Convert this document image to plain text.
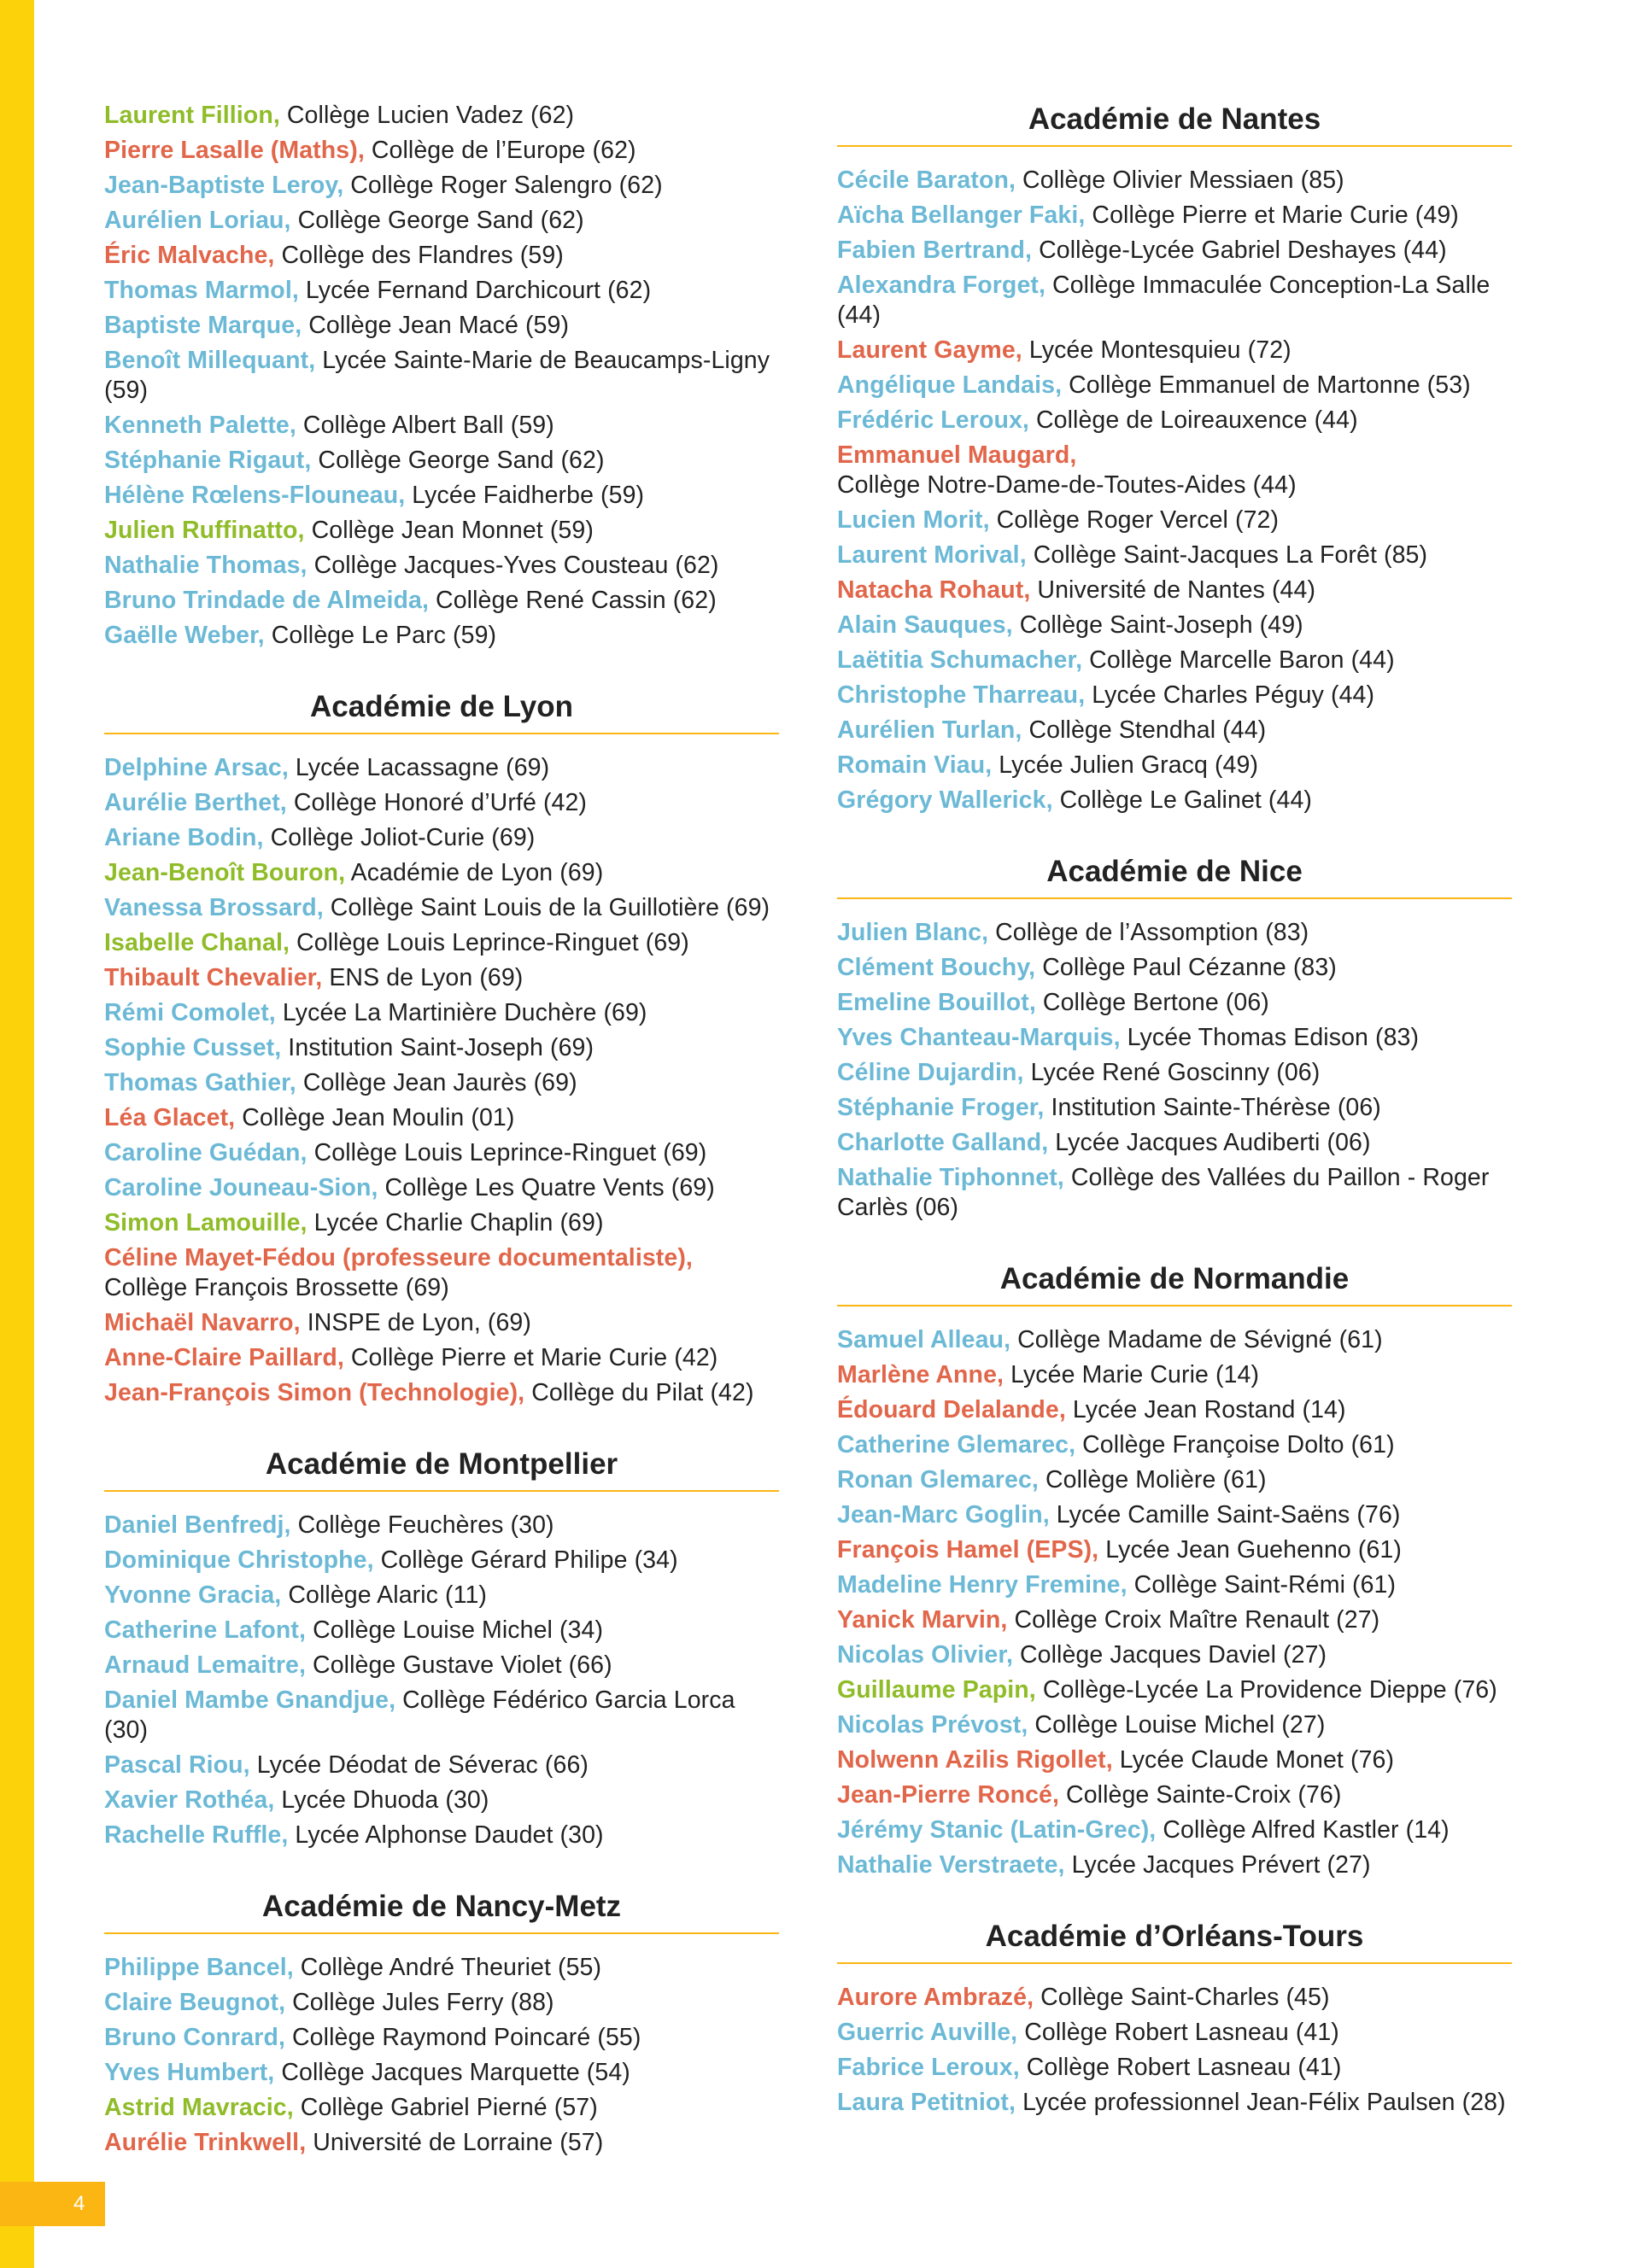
4

Laurent Fillion, Collège Lucien Vadez (62)

Pierre Lasalle (Maths), Collège de l’Europe (62)

Jean-Baptiste Leroy, Collège Roger Salengro (62)

Aurélien Loriau, Collège George Sand (62)

Éric Malvache, Collège des Flandres (59)

Thomas Marmol, Lycée Fernand Darchicourt (62)

Baptiste Marque, Collège Jean Macé (59)

Benoît Millequant, Lycée Sainte-Marie de Beaucamps-Ligny (59)

Kenneth Palette, Collège Albert Ball (59)

Stéphanie Rigaut, Collège George Sand (62)

Hélène Rœlens-Flouneau, Lycée Faidherbe (59)

Julien Ruffinatto, Collège Jean Monnet (59)

Nathalie Thomas, Collège Jacques-Yves Cousteau (62)

Bruno Trindade de Almeida, Collège René Cassin (62)

Gaëlle Weber, Collège Le Parc (59)

Académie de Lyon

Delphine Arsac, Lycée Lacassagne (69)

Aurélie Berthet, Collège Honoré d’Urfé (42)

Ariane Bodin, Collège Joliot-Curie (69)

Jean-Benoît Bouron, Académie de Lyon (69)

Vanessa Brossard, Collège Saint Louis de la Guillotière (69)

Isabelle Chanal, Collège Louis Leprince-Ringuet (69)

Thibault Chevalier, ENS de Lyon (69)

Rémi Comolet, Lycée La Martinière Duchère (69)

Sophie Cusset, Institution Saint-Joseph (69)

Thomas Gathier, Collège Jean Jaurès (69)

Léa Glacet, Collège Jean Moulin (01)

Caroline Guédan, Collège Louis Leprince-Ringuet (69)

Caroline Jouneau-Sion, Collège Les Quatre Vents (69)

Simon Lamouille, Lycée Charlie Chaplin (69)

Céline Mayet-Fédou (professeure documentaliste), Collège François Brossette (69)

Michaël Navarro, INSPE de Lyon, (69)

Anne-Claire Paillard, Collège Pierre et Marie Curie (42)

Jean-François Simon (Technologie), Collège du Pilat (42)

Académie de Montpellier

Daniel Benfredj, Collège Feuchères (30)

Dominique Christophe, Collège Gérard Philipe (34)

Yvonne Gracia, Collège Alaric (11)

Catherine Lafont, Collège Louise Michel (34)

Arnaud Lemaitre, Collège Gustave Violet (66)

Daniel Mambe Gnandjue, Collège Fédérico Garcia Lorca (30)

Pascal Riou, Lycée Déodat de Séverac (66)

Xavier Rothéa, Lycée Dhuoda (30)

Rachelle Ruffle, Lycée Alphonse Daudet (30)

Académie de Nancy-Metz

Philippe Bancel, Collège André Theuriet (55)

Claire Beugnot, Collège Jules Ferry (88)

Bruno Conrard, Collège Raymond Poincaré (55)

Yves Humbert, Collège Jacques Marquette (54)

Astrid Mavracic, Collège Gabriel Pierné (57)

Aurélie Trinkwell, Université de Lorraine (57)

Académie de Nantes

Cécile Baraton, Collège Olivier Messiaen (85)

Aïcha Bellanger Faki, Collège Pierre et Marie Curie (49)

Fabien Bertrand, Collège-Lycée Gabriel Deshayes (44)

Alexandra Forget, Collège Immaculée Conception-La Salle (44)

Laurent Gayme, Lycée Montesquieu (72)

Angélique Landais, Collège Emmanuel de Martonne (53)

Frédéric Leroux, Collège de Loireauxence (44)

Emmanuel Maugard,
Collège Notre-Dame-de-Toutes-Aides (44)

Lucien Morit, Collège Roger Vercel (72)

Laurent Morival, Collège Saint-Jacques La Forêt (85)

Natacha Rohaut, Université de Nantes (44)

Alain Sauques, Collège Saint-Joseph (49)

Laëtitia Schumacher, Collège Marcelle Baron (44)

Christophe Tharreau, Lycée Charles Péguy (44)

Aurélien Turlan, Collège Stendhal (44)

Romain Viau, Lycée Julien Gracq (49)

Grégory Wallerick, Collège Le Galinet (44)

Académie de Nice

Julien Blanc, Collège de l’Assomption (83)

Clément Bouchy, Collège Paul Cézanne (83)

Emeline Bouillot, Collège Bertone (06)

Yves Chanteau-Marquis, Lycée Thomas Edison (83)

Céline Dujardin, Lycée René Goscinny (06)

Stéphanie Froger, Institution Sainte-Thérèse (06)

Charlotte Galland, Lycée Jacques Audiberti (06)

Nathalie Tiphonnet, Collège des Vallées du Paillon - Roger Carlès (06)

Académie de Normandie

Samuel Alleau, Collège Madame de Sévigné (61)

Marlène Anne, Lycée Marie Curie (14)

Édouard Delalande, Lycée Jean Rostand (14)

Catherine Glemarec, Collège Françoise Dolto (61)

Ronan Glemarec, Collège Molière (61)

Jean-Marc Goglin, Lycée Camille Saint-Saëns (76)

François Hamel (EPS), Lycée Jean Guehenno (61)

Madeline Henry Fremine, Collège Saint-Rémi (61)

Yanick Marvin, Collège Croix Maître Renault (27)

Nicolas Olivier, Collège Jacques Daviel (27)

Guillaume Papin, Collège-Lycée La Providence Dieppe (76)

Nicolas Prévost, Collège Louise Michel (27)

Nolwenn Azilis Rigollet, Lycée Claude Monet (76)

Jean-Pierre Roncé, Collège Sainte-Croix (76)

Jérémy Stanic (Latin-Grec), Collège Alfred Kastler (14)

Nathalie Verstraete, Lycée Jacques Prévert (27)

Académie d’Orléans-Tours

Aurore Ambrazé, Collège Saint-Charles (45)

Guerric Auville, Collège Robert Lasneau (41)

Fabrice Leroux, Collège Robert Lasneau (41)

Laura Petitniot, Lycée professionnel Jean-Félix Paulsen (28)
